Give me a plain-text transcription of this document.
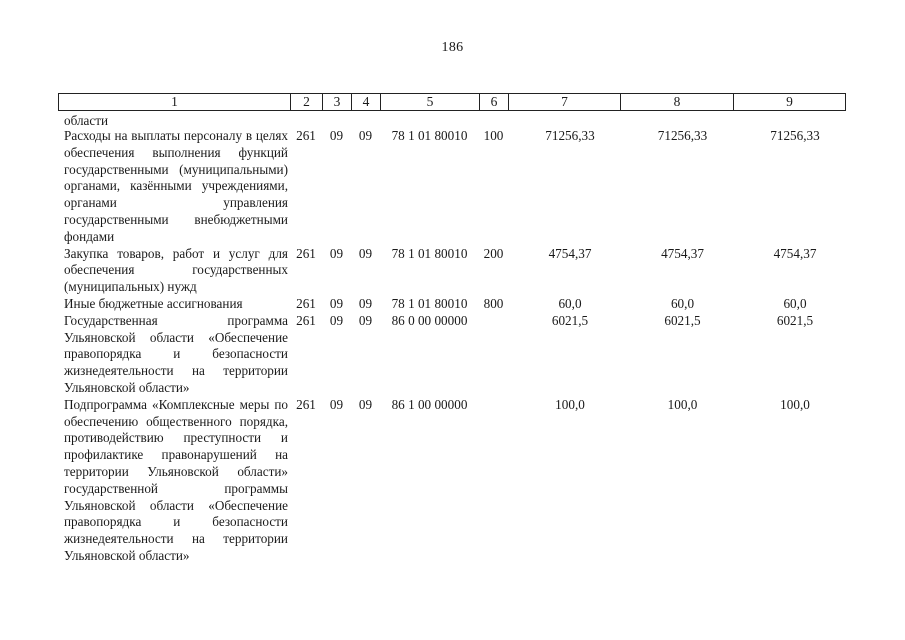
186
1	2	3	4	5	6	7	8	9
области								
Расходы на выплаты персоналу в целях обеспечения выполнения функций государственными (муниципальными) органами, казёнными учреждениями, органами управления государственными внебюджетными фондами	261	09	09	78 1 01 80010	100	71256,33	71256,33	71256,33
Закупка товаров, работ и услуг для обеспечения государственных (муниципальных) нужд	261	09	09	78 1 01 80010	200	4754,37	4754,37	4754,37
Иные бюджетные ассигнования	261	09	09	78 1 01 80010	800	60,0	60,0	60,0
Государственная программа Ульяновской области «Обеспечение правопорядка и безопасности жизнедеятельности на территории Ульяновской области»	261	09	09	86 0 00 00000		6021,5	6021,5	6021,5
Подпрограмма «Комплексные меры по обеспечению общественного порядка, противодействию преступности и профилактике правонарушений на территории Ульяновской области» государственной программы Ульяновской области «Обеспечение правопорядка и безопасности жизнедеятельности на территории Ульяновской области»	261	09	09	86 1 00 00000		100,0	100,0	100,0
